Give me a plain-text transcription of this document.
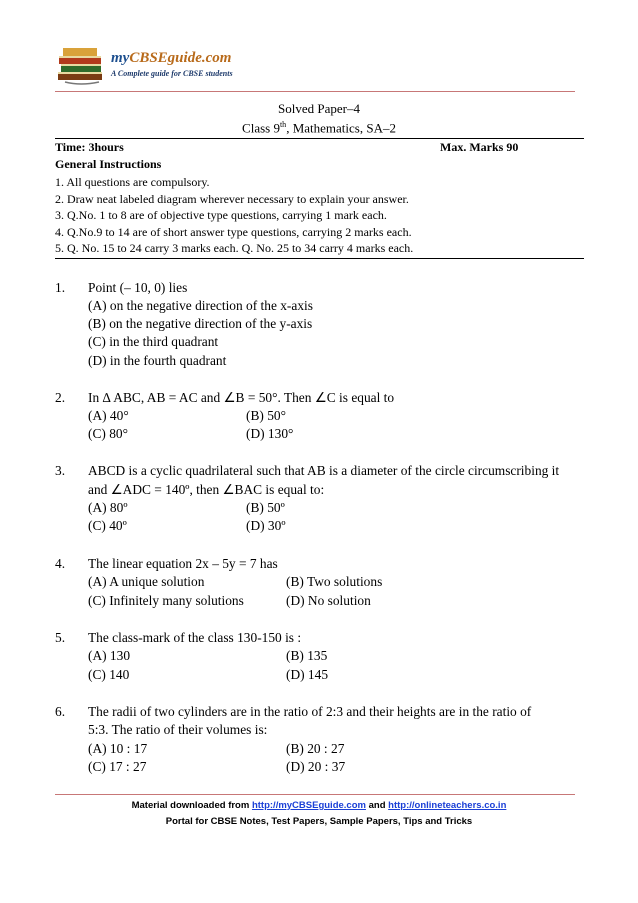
myCBSEguide.com
A Complete guide for CBSE students
Solved Paper–4
Class 9th, Mathematics, SA–2
Time: 3hours	Max. Marks 90
General Instructions
1. All questions are compulsory.
2. Draw neat labeled diagram wherever necessary to explain your answer.
3. Q.No. 1 to 8 are of objective type questions, carrying 1 mark each.
4. Q.No.9 to 14 are of short answer type questions, carrying 2 marks each.
5. Q. No. 15 to 24 carry 3 marks each. Q. No. 25 to 34 carry 4 marks each.
1. Point (– 10, 0) lies
(A) on the negative direction of the x-axis
(B) on the negative direction of the y-axis
(C) in the third quadrant
(D) in the fourth quadrant
2. In ∆ ABC, AB = AC and ∠B = 50°. Then ∠C is equal to
(A) 40°	(B) 50°
(C) 80°	(D) 130°
3. ABCD is a cyclic quadrilateral such that AB is a diameter of the circle circumscribing it
and ∠ADC = 140º, then ∠BAC is equal to:
(A) 80º	(B) 50º
(C) 40º	(D) 30º
4. The linear equation 2x – 5y = 7 has
(A) A unique solution	(B) Two solutions
(C) Infinitely many solutions	(D) No solution
5. The class-mark of the class 130-150 is :
(A) 130	(B) 135
(C) 140	(D) 145
6. The radii of two cylinders are in the ratio of 2:3 and their heights are in the ratio of
5:3. The ratio of their volumes is:
(A) 10 : 17	(B) 20 : 27
(C) 17 : 27	(D) 20 : 37
Material downloaded from http://myCBSEguide.com and http://onlineteachers.co.in
Portal for CBSE Notes, Test Papers, Sample Papers, Tips and Tricks
